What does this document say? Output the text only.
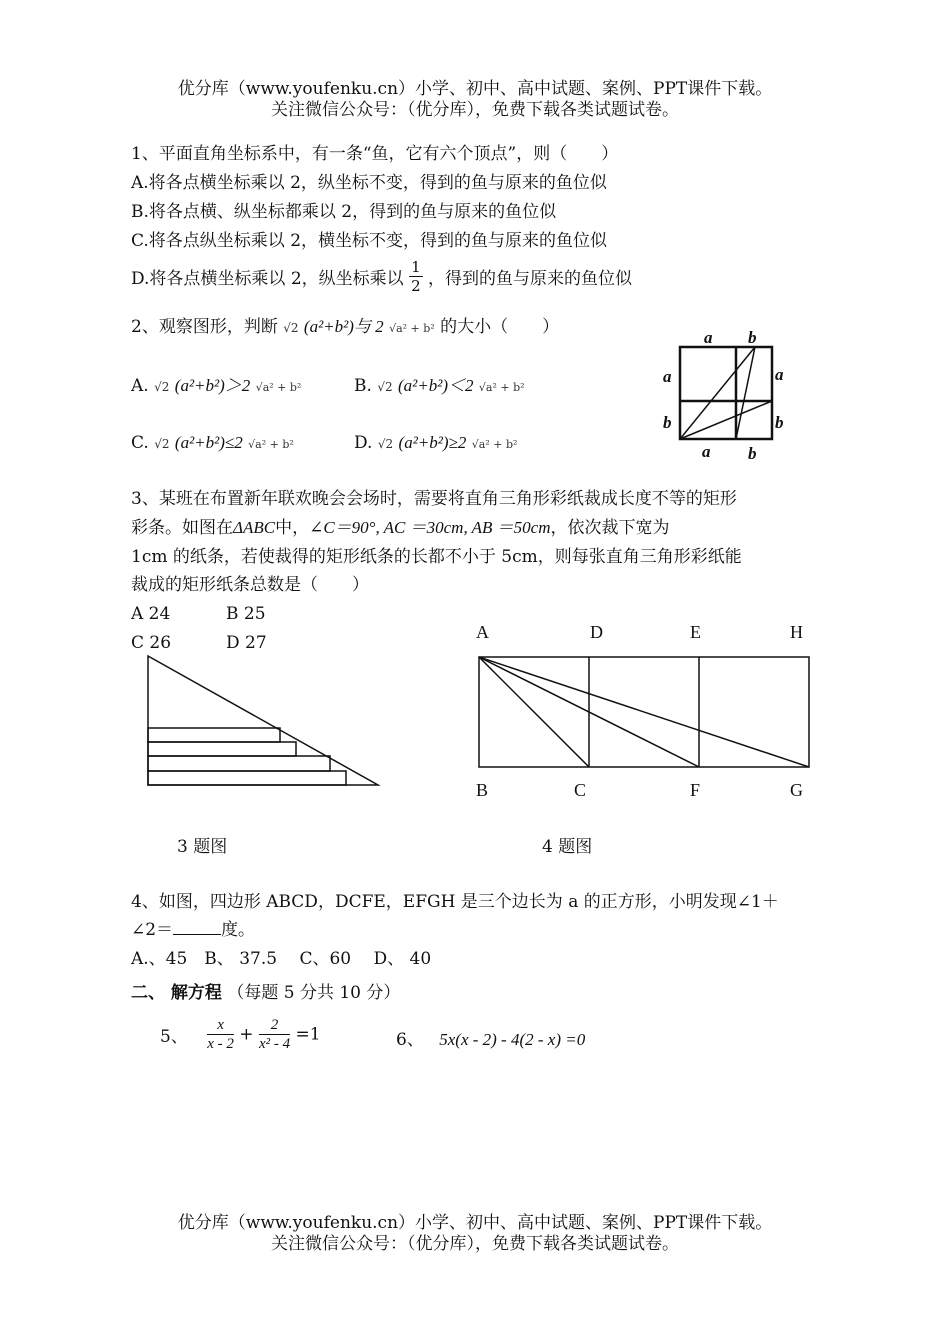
优分库（www.youfenku.cn）小学、初中、高中试题、案例、PPT课件下载。
关注微信公众号：（优分库），免费下载各类试题试卷。
1、平面直角坐标系中，有一条“鱼，它有六个顶点”，则（　　）
A.将各点横坐标乘以 2，纵坐标不变，得到的鱼与原来的鱼位似
B.将各点横、纵坐标都乘以 2，得到的鱼与原来的鱼位似
C.将各点纵坐标乘以 2，横坐标不变，得到的鱼与原来的鱼位似
D.将各点横坐标乘以 2，纵坐标乘以 $\frac{1}{2}$ ，得到的鱼与原来的鱼位似
2、观察图形，判断 √2 (a²+b²)与 2 √a² + b² 的大小（　　）
A. √2 (a²+b²)＞2 √a² + b²	B. √2 (a²+b²)＜2 √a² + b²
C. √2 (a²+b²)≤2 √a² + b²	D. √2 (a²+b²)≥2 √a² + b²
a b
a
b
a
b
a b
3、某班在布置新年联欢晚会会场时，需要将直角三角形彩纸裁成长度不等的矩形
彩条。如图在ΔABC中，∠C＝90°, AC ＝30cm, AB ＝50cm，依次裁下宽为
1cm 的纸条，若使裁得的矩形纸条的长都不小于 5cm，则每张直角三角形彩纸能
裁成的矩形纸条总数是（　　）
A 24	B 25
C 26	D 27
A	D	E	H
B	C	F	G
3 题图	4 题图
4、如图，四边形 ABCD，DCFE，EFGH 是三个边长为 a 的正方形，小明发现∠1＋
∠2＝	度。
A.、45　B、 37.5　 C、60　 D、 40
二、 解方程 （每题 5 分共 10 分）
5、 $\frac{x}{x - 2} + \frac{2}{\text{x² - 4}} =1$	6、 5x(x - 2) - 4(2 - x) =0
优分库（www.youfenku.cn）小学、初中、高中试题、案例、PPT课件下载。
关注微信公众号：（优分库），免费下载各类试题试卷。
